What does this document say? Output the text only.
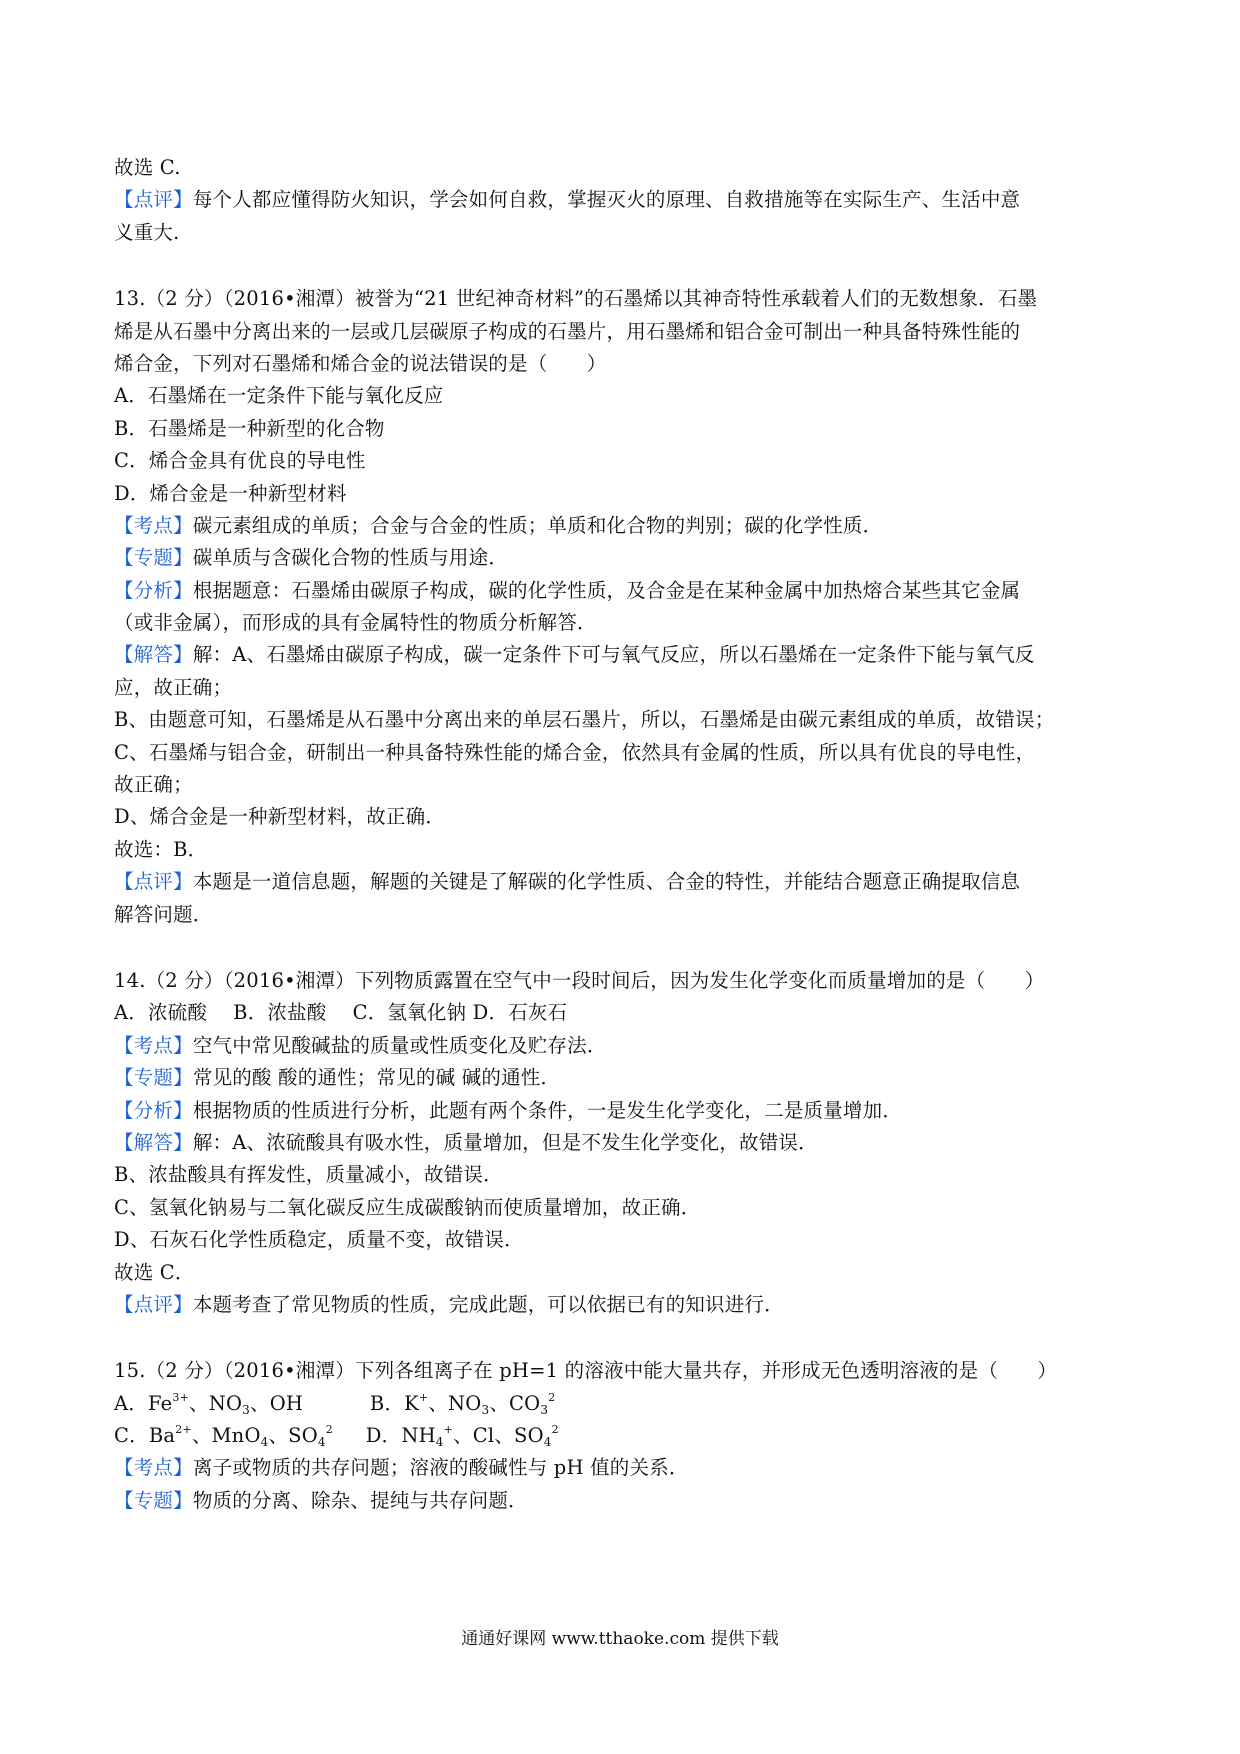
故选 C.
【点评】每个人都应懂得防火知识，学会如何自救，掌握灭火的原理、自救措施等在实际生产、生活中意
义重大.
13.（2 分）（2016•湘潭）被誉为“21 世纪神奇材料”的石墨烯以其神奇特性承载着人们的无数想象．石墨
烯是从石墨中分离出来的一层或几层碳原子构成的石墨片，用石墨烯和铝合金可制出一种具备特殊性能的
烯合金，下列对石墨烯和烯合金的说法错误的是（　　）
A．石墨烯在一定条件下能与氧化反应
B．石墨烯是一种新型的化合物
C．烯合金具有优良的导电性
D．烯合金是一种新型材料
【考点】碳元素组成的单质；合金与合金的性质；单质和化合物的判别；碳的化学性质．
【专题】碳单质与含碳化合物的性质与用途．
【分析】根据题意：石墨烯由碳原子构成，碳的化学性质，及合金是在某种金属中加热熔合某些其它金属
（或非金属），而形成的具有金属特性的物质分析解答．
【解答】解：A、石墨烯由碳原子构成，碳一定条件下可与氧气反应，所以石墨烯在一定条件下能与氧气反
应，故正确；
B、由题意可知，石墨烯是从石墨中分离出来的单层石墨片，所以，石墨烯是由碳元素组成的单质，故错误；
C、石墨烯与铝合金，研制出一种具备特殊性能的烯合金，依然具有金属的性质，所以具有优良的导电性，
故正确；
D、烯合金是一种新型材料，故正确．
故选：B．
【点评】本题是一道信息题，解题的关键是了解碳的化学性质、合金的特性，并能结合题意正确提取信息
解答问题．
14.（2 分）（2016•湘潭）下列物质露置在空气中一段时间后，因为发生化学变化而质量增加的是（　　）
A．浓硫酸　 B．浓盐酸　 C．氢氧化钠 D．石灰石
【考点】空气中常见酸碱盐的质量或性质变化及贮存法．
【专题】常见的酸 酸的通性；常见的碱 碱的通性．
【分析】根据物质的性质进行分析，此题有两个条件，一是发生化学变化，二是质量增加．
【解答】解：A、浓硫酸具有吸水性，质量增加，但是不发生化学变化，故错误．
B、浓盐酸具有挥发性，质量减小，故错误．
C、氢氧化钠易与二氧化碳反应生成碳酸钠而使质量增加，故正确．
D、石灰石化学性质稳定，质量不变，故错误．
故选 C．
【点评】本题考查了常见物质的性质，完成此题，可以依据已有的知识进行．
15.（2 分）（2016•湘潭）下列各组离子在 pH=1 的溶液中能大量共存，并形成无色透明溶液的是（　　）
A．$Fe^{3+}$、$NO_3$、OH	B．K+、$NO_3$、$CO_3^2$
C．$Ba^{2+}$、MnO$_4$、$SO_4^2$ D．$NH_4^+$、Cl、$SO_4^2$
【考点】离子或物质的共存问题；溶液的酸碱性与 pH 值的关系．
【专题】物质的分离、除杂、提纯与共存问题．
通通好课网 www.tthaoke.com 提供下载
